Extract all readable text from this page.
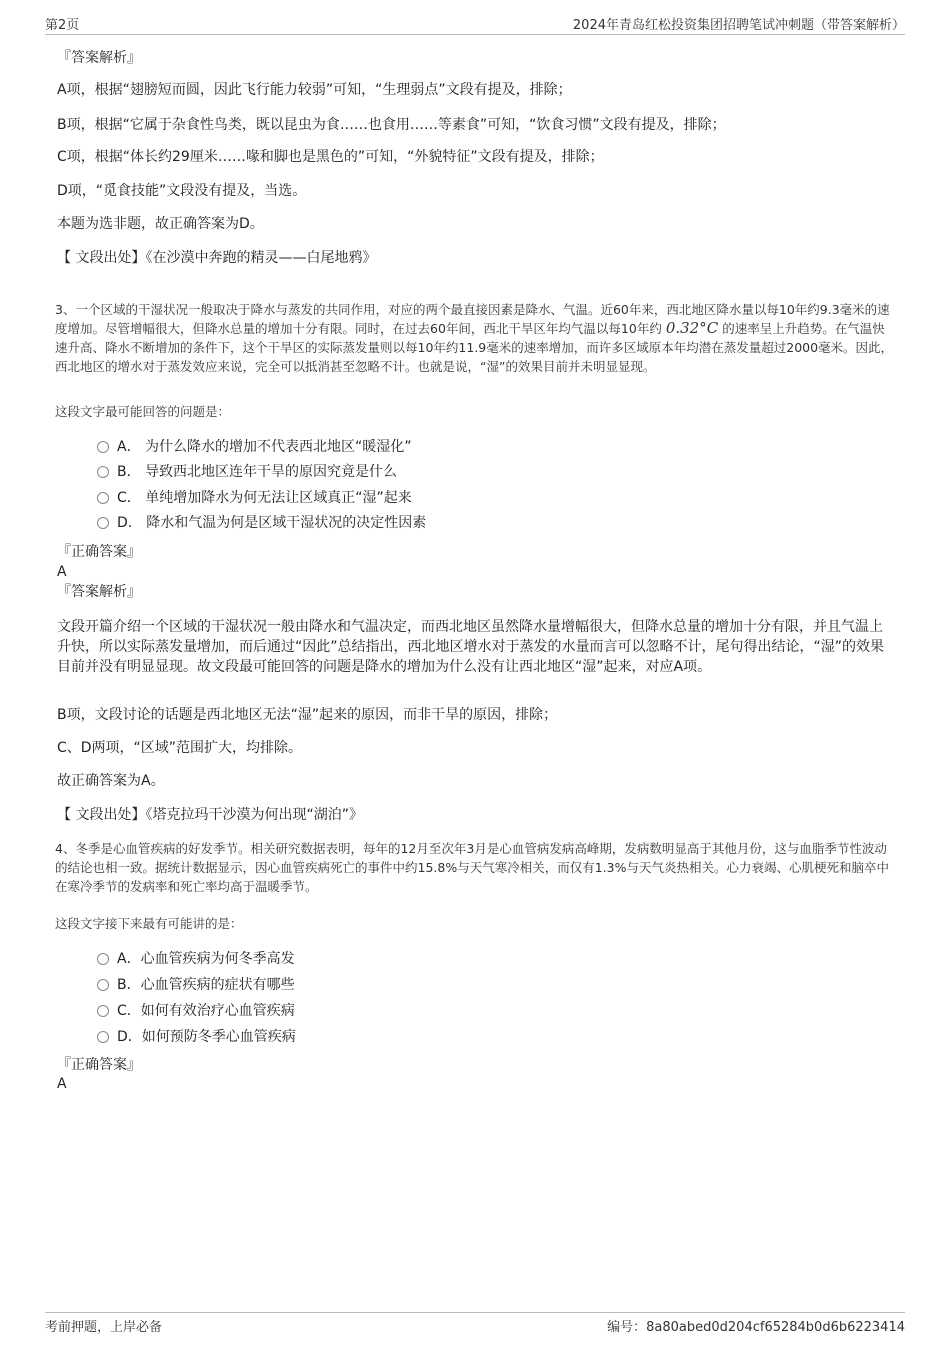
第2页	2024年青岛红松投资集团招聘笔试冲刺题（带答案解析）
『答案解析』
A项，根据“翅膀短而圆，因此飞行能力较弱”可知，“生理弱点”文段有提及，排除；
B项，根据“它属于杂食性鸟类，既以昆虫为食……也食用……等素食”可知，“饮食习惯”文段有提及，排除；
C项，根据“体长约29厘米……喙和脚也是黑色的”可知，“外貌特征”文段有提及，排除；
D项，“觅食技能”文段没有提及，当选。
本题为选非题，故正确答案为D。
【 文段出处】《在沙漠中奔跑的精灵——白尾地鸦》
3、一个区域的干湿状况一般取决于降水与蒸发的共同作用，对应的两个最直接因素是降水、气温。近60年来，西北地区降水量以每10年约9.3毫米的速度增加。尽管增幅很大，但降水总量的增加十分有限。同时，在过去60年间，西北干旱区年均气温以每10年约 0.32°C 的速率呈上升趋势。在气温快速升高、降水不断增加的条件下，这个干旱区的实际蒸发量则以每10年约11.9毫米的速率增加，而许多区域原本年均潜在蒸发量超过2000毫米。因此，西北地区的增水对于蒸发效应来说，完全可以抵消甚至忽略不计。也就是说，“湿”的效果目前并未明显显现。
这段文字最可能回答的问题是：
A． 为什么降水的增加不代表西北地区“暖湿化”
B． 导致西北地区连年干旱的原因究竟是什么
C． 单纯增加降水为何无法让区域真正“湿”起来
D． 降水和气温为何是区域干湿状况的决定性因素
『正确答案』
A
『答案解析』
文段开篇介绍一个区域的干湿状况一般由降水和气温决定，而西北地区虽然降水量增幅很大，但降水总量的增加十分有限，并且气温上升快，所以实际蒸发量增加，而后通过“因此”总结指出，西北地区增水对于蒸发的水量而言可以忽略不计，尾句得出结论，“湿”的效果目前并没有明显显现。故文段最可能回答的问题是降水的增加为什么没有让西北地区“湿”起来，对应A项。
B项，文段讨论的话题是西北地区无法“湿”起来的原因，而非干旱的原因，排除；
C、D两项，“区域”范围扩大，均排除。
故正确答案为A。
【 文段出处】《塔克拉玛干沙漠为何出现“湖泊”》
4、冬季是心血管疾病的好发季节。相关研究数据表明，每年的12月至次年3月是心血管病发病高峰期，发病数明显高于其他月份，这与血脂季节性波动的结论也相一致。据统计数据显示，因心血管疾病死亡的事件中约15.8%与天气寒冷相关，而仅有1.3%与天气炎热相关。心力衰竭、心肌梗死和脑卒中在寒冷季节的发病率和死亡率均高于温暖季节。
这段文字接下来最有可能讲的是：
A．心血管疾病为何冬季高发
B．心血管疾病的症状有哪些
C．如何有效治疗心血管疾病
D．如何预防冬季心血管疾病
『正确答案』
A
考前押题，上岸必备	编号：8a80abed0d204cf65284b0d6b6223414
